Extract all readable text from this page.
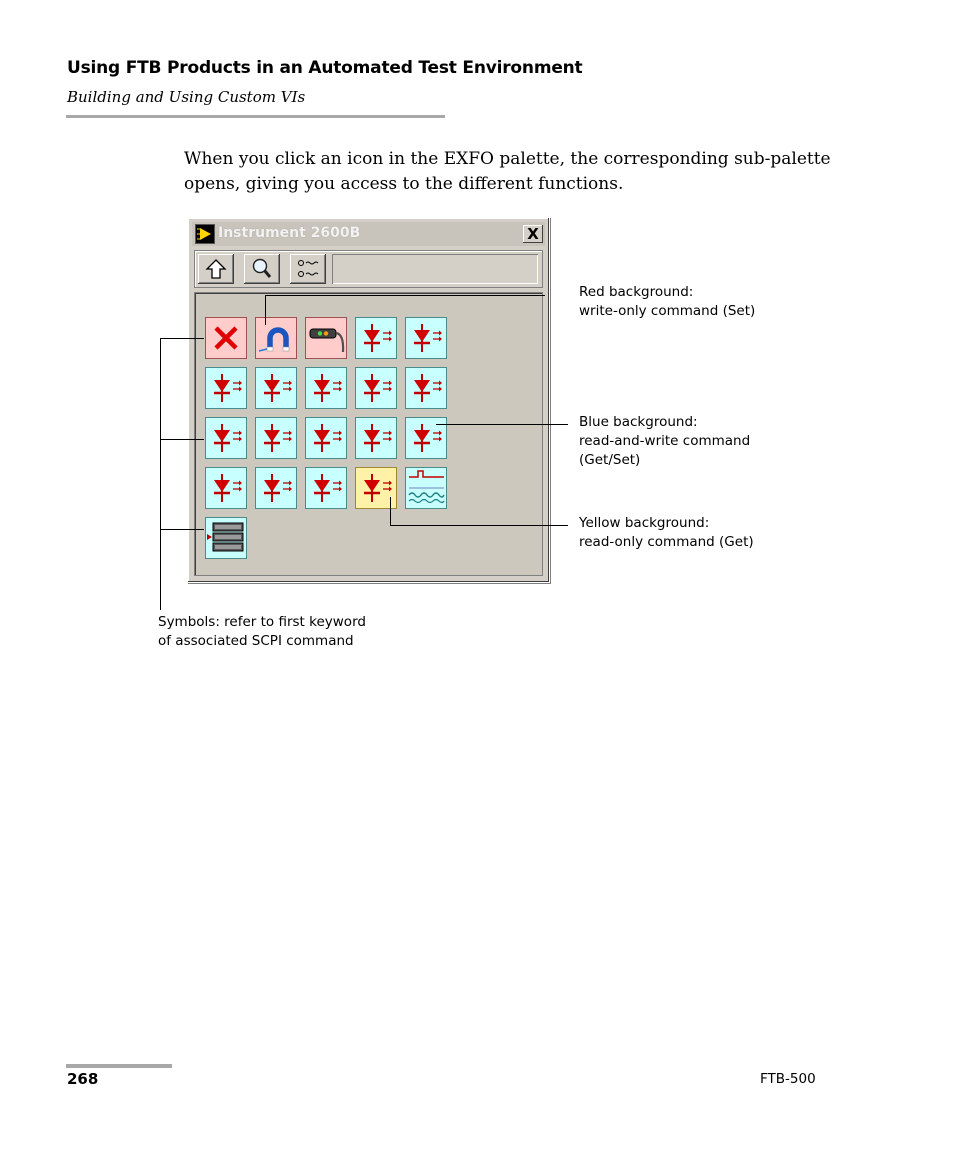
Using FTB Products in an Automated Test Environment
Building and Using Custom VIs
When you click an icon in the EXFO palette, the corresponding sub-palette opens, giving you access to the different functions.
Instrument 2600B	X
Red background:
write-only command (Set)
Blue background:
read-and-write command
(Get/Set)
Yellow background:
read-only command (Get)
Symbols: refer to first keyword
of associated SCPI command
268	FTB-500
